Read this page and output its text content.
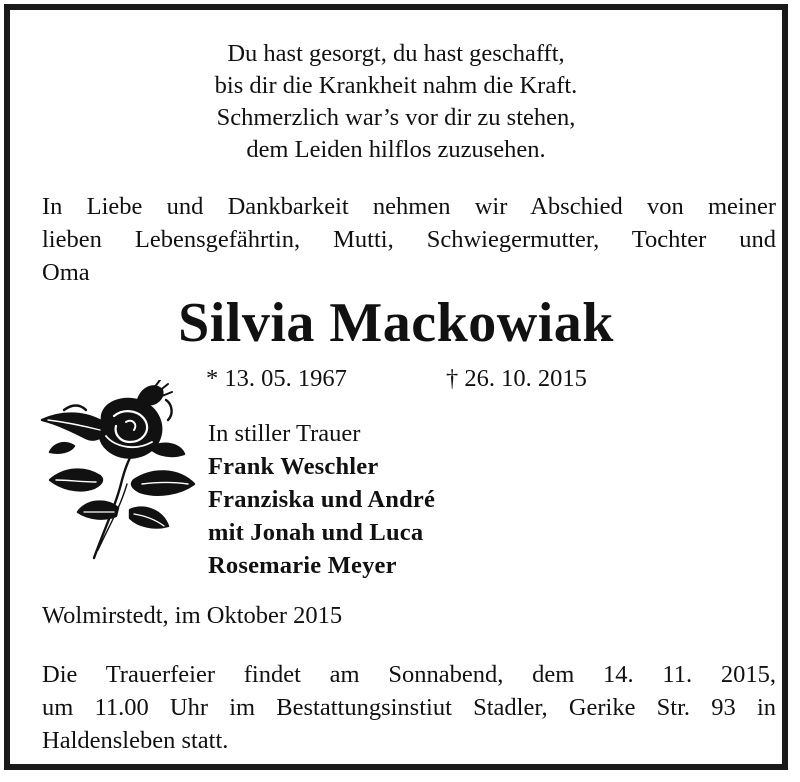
Du hast gesorgt, du hast geschafft,
bis dir die Krankheit nahm die Kraft.
Schmerzlich war’s vor dir zu stehen,
dem Leiden hilflos zuzusehen.
In Liebe und Dankbarkeit nehmen wir Abschied von meiner
lieben Lebensgefährtin, Mutti, Schwiegermutter, Tochter und
Oma
Silvia Mackowiak
* 13. 05. 1967	† 26. 10. 2015
In stiller Trauer
Frank Weschler
Franziska und André
mit Jonah und Luca
Rosemarie Meyer
Wolmirstedt, im Oktober 2015
Die Trauerfeier findet am Sonnabend, dem 14. 11. 2015,
um 11.00 Uhr im Bestattungsinstiut Stadler, Gerike Str. 93 in
Haldensleben statt.
